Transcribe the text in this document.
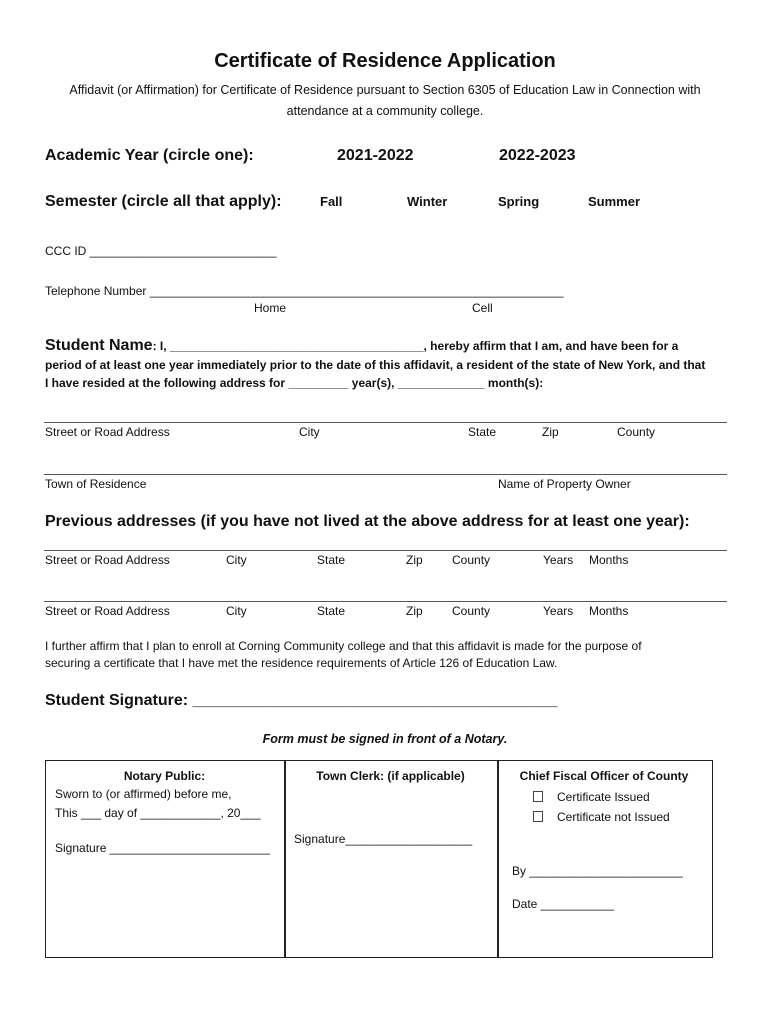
Certificate of Residence Application
Affidavit (or Affirmation) for Certificate of Residence pursuant to Section 6305 of Education Law in Connection with attendance at a community college.
Academic Year (circle one):	2021-2022	2022-2023
Semester (circle all that apply):	Fall	Winter	Spring	Summer
CCC ID ____________________________
Telephone Number ______________________________________________________________
Home	Cell
Student Name: I, ______________________________________, hereby affirm that I am, and have been for a
period of at least one year immediately prior to the date of this affidavit, a resident of the state of New York, and that
I have resided at the following address for _________ year(s), _____________ month(s):
Street or Road Address	City	State	Zip	County
Town of Residence	Name of Property Owner
Previous addresses (if you have not lived at the above address for at least one year):
Street or Road Address	City	State	Zip County	Years Months
Street or Road Address	City	State	Zip County	Years Months
I further affirm that I plan to enroll at Corning Community college and that this affidavit is made for the purpose of
securing a certificate that I have met the residence requirements of Article 126 of Education Law.
Student Signature: _________________________________________
Form must be signed in front of a Notary.
Notary Public:
Sworn to (or affirmed) before me,
This ___ day of ____________, 20___
Signature ________________________
Town Clerk: (if applicable)
Signature___________________
Chief Fiscal Officer of County
Certificate Issued
Certificate not Issued
By _______________________
Date ___________
